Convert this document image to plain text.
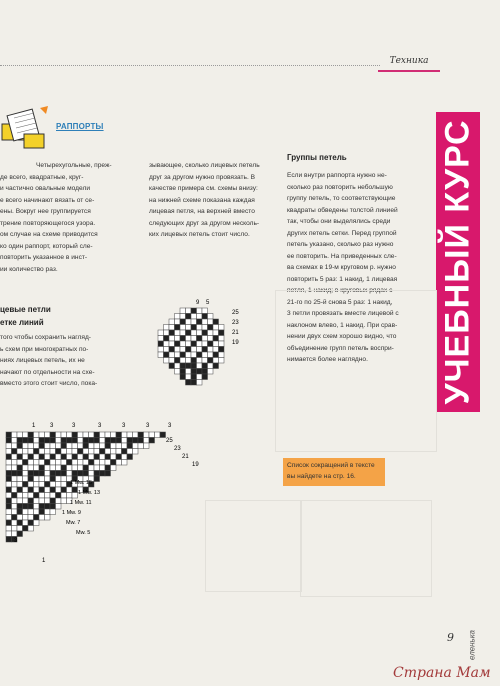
Техника
УЧЕБНЫЙ КУРС
РАППОРТЫ

Четырехугольные, преж-

де всего, квадратные, круг-

и частично овальные модели

е всего начинают вязать от се-

ены. Вокруг нее группируется

трение повторяющегося узора.

ом случае на схеме приводится

ко один раппорт, который сле-

повторить указанное в инст-

ии количество раз.

зывающее, сколько лицевых петель

друг за другом нужно провязать. В

качестве примера см. схемы внизу:

на нижней схеме показана каждая

лицевая петля, на верхней вместо

следующих друг за другом несколь-

ких лицевых петель стоит число.

Группы петель
цевые петли
етке линий

того чтобы сохранить нагляд-

ь схем при многократных по-

ниях лицевых петель, их не

начают по отдельности на схе-

вместо этого стоит число, пока-

Если внутри раппорта нужно не-

сколько раз повторить небольшую

группу петель, то соответствующие

квадраты обведены толстой линией

так, чтобы они выделялись среди

других петель сетки. Перед группой

петель указано, сколько раз нужно

ее повторить. На приведенных сле-

ва схемах в 19-м круговом р. нужно

повторить 5 раз: 1 накид, 1 лицевая

петля, 1 накид; в круговых рядах с

21-го по 25-й снова 5 раз: 1 накид,

3 петли провязать вместе лицевой с

наклоном влево, 1 накид. При срав-

нении двух схем хорошо видно, что

объединение групп петель воспри-

нимается более наглядно.

9 5
25
23
21
19
1 3	3	3	3	3	3
25
23
21
19
1 Mw. 15
1 Mw. 13
1 Mw. 11
1 Mw. 9
Mw. 7
Mw. 5
3
1

Список сокращений в тексте

вы найдете на стр. 16.

9 еленька
Страна Мам
